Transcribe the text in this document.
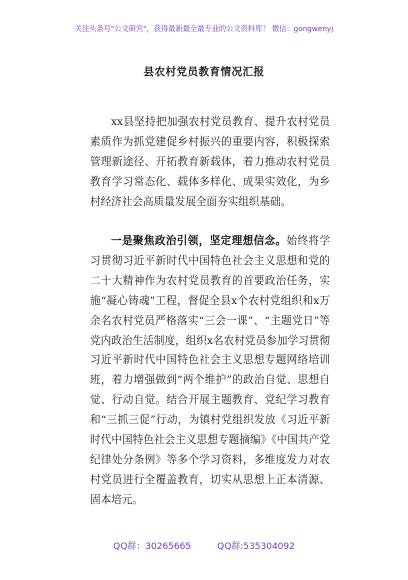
关注头条号"公文研究"，获得最新最全最专业的公文资料库！ 微信：gongwenyj
县农村党员教育情况汇报

xx县坚持把加强农村党员教育、提升农村党员素质作为抓党建促乡村振兴的重要内容，积极探索管理新途径、开拓教育新载体，着力推动农村党员教育学习常态化、载体多样化、成果实效化，为乡村经济社会高质量发展全面夯实组织基础。

一是聚焦政治引领，坚定理想信念。始终将学习贯彻习近平新时代中国特色社会主义思想和党的二十大精神作为农村党员教育的首要政治任务，实施“凝心铸魂”工程，督促全县x个农村党组织和x万余名农村党员严格落实“三会一课”、“主题党日”等党内政治生活制度，组织x名农村党员参加学习贯彻习近平新时代中国特色社会主义思想专题网络培训班，着力增强做到“两个维护”的政治自觉、思想自觉、行动自觉。结合开展主题教育、党纪学习教育和“三抓三促”行动，为镇村党组织发放《习近平新时代中国特色社会主义思想专题摘编》《中国共产党纪律处分条例》等多个学习资料，多维度发力对农村党员进行全覆盖教育，切实从思想上正本清源、固本培元。

QQ群：30265665	QQ群:535304092
